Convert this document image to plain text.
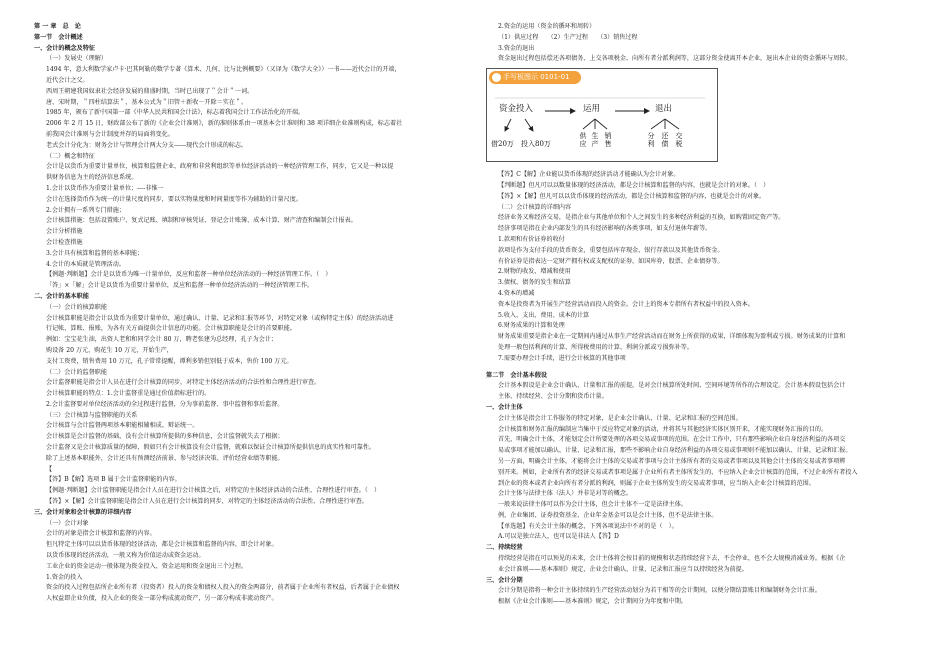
第 一 章　总　论
第一节　会计概述
一、会计的概念及特征
（一）发展史（理解）
1494 年，意大利数学家卢卡·巴其阿勒的数学专著《算术、几何、比与比例概要》（又译为《数学大全》）一书——近代会计的开端，
近代会计之父。
西周王朝建我国奴隶社会经济发展的鼎盛时期，当时已出现了＂会计＂一词。
唐、宋时期，＂四柱结算法＂，基本公式为＂旧管＋新收－开除＝实在＂。
1985 年，颁布了新中国第一部《中华人民共和国会计法》，标志着我国会计工作法治化的开端。
2006 年 2 月 15 日，财政部公布了新的《企业会计准则》，新的准则体系由一项基本会计准则和 38 项详细企业准则构成，标志着社
前我国会计准则与会计制度并存的局面将变化。
老式会计分化为：财务会计与管理会计两大分支——现代会计形成的标志。
（二）概念和特征
会计是以货币为重要计量单位，核算和监督企业、政府和非营利组织等单位经济活动的一种经济管理工作，同步，它又是一种以提
供财务信息为主的经济信息系统。
1.会计以货币作为重要计量单位；----非惟一
会计在选择货币作为统一的计量尺度的同步，要以实物量度和时间量度等作为辅助的计量尺度。
2.会计拥有一系列专门措施；
会计核算措施：包括设置账户、复式记账、填制和审核凭证、登记会计账簿、成本计算、财产清查和编制会计报表。
会计分析措施
会计检查措施
3.会计具有核算和监督的基本职能；
4.会计的本质就是管理活动。
【例题·判断题】会计是以货币为唯一计量单位，反应和监督一种单位经济活动的一种经济管理工作。（　）
「答」×「解」会计是以货币为重要计量单位，反应和监督一种单位经济活动的一种经济管理工作。
二、会计的基本职能
（一）会计的核算职能
会计核算职能是指会计以货币为重要计量单位，通过确认、计量、记录和汇报等环节，对特定对象（或称特定主体）的经济活动进
行记帐、算账、报账，为各有关方面提供会计信息的功能。会计核算职能是会计的首要职能。
例如：宝宝花生油，出资人老和和同学会计 80 万，聘老张建为总经理，孔子为会计；
购设备 20 万元，购花生 10 万元，开始生产，
支付工资费，销售费用 10 万元，孔子常常提醒，谭利多销但别低于成本，售价 100 万元。
（二）会计的监督职能
会计监督职能是指会计人员在进行会计核算的同步，对特定主体经济活动的合法性和合理性进行审查。
会计核算职能的特点：1.会计监督重是通过价值指标进行的。
2.会计监督要对单位经济活动的全过程进行监督，分为事前监督、事中监督和事后监督。
（三）会计核算与监督职能的关系
会计核算与会计监督两项基本职能相辅相成、辩证统一。
会计核算是会计监督的基础，没有会计核算所提供的多种信息，会计监督就失去了根据；
会计监督又是会计核算质量的保障，假如只有会计核算没有会计监督，就难以保证会计核算所提供信息的真实性和可靠性。
除了上述基本职能外，会计还具有预测经济前景、参与经济决策、评价经营业绩等职能。
【
【答】B【解】选项 B 属于会计监督职能的内容。
【例题·判断题】会计监督职能是指会计人员在进行会计核算之后，对特定的主体经济活动的合法性、合理性进行审查。（　）
【答】×【解】会计监督职能是指会计人员在进行会计核算的同步，对特定的主体经济活动的合法性、合理性进行审查。
三、会计对象和会计核算的详细内容
（一）会计对象
会计的对象是指会计核算和监督的内容。
但凡特定主体可以以货币体现的经济活动，都是会计核算和监督的内容，即会计对象。
以货币体现的经济活动，一般又称为价值运动或资金运动。
工业企业的资金运动一般体现为资金投入、资金运用和资金退出三个过程。
1.资金的投入
资金的投入过程包括所企业所有者（投资者）投入的资金和债权人投入的资金两部分，前者属于企业所有者权益，后者属于企业债权
人权益即企业负债，投入企业的资金一部分构成流动资产，另一部分构成非流动资产。
2.资金的运用（资金的循环和周转）
（1）供应过程　　（2）生产过程　　（3）销售过程
3.资金的退出
资金退出过程包括偿还各项债务、上交各项税金、向所有者分派利润等，这部分资金使离开本企业，退出本企业的资金循环与周转。
手写板图示 0101-01
资金投入	运用	退出
借20万 投入80万
供应
生产
销售
分利
还债
交税
【答】C【解】企业能以货币体现的经济活动才能确认为会计对象。
【判断题】但凡可以以数量体现的经济活动，都是会计核算和监督的内容，也就是会计的对象。（　）
【答】×【解】但凡可以以货币体现的经济活动，都是会计核算和监督的内容，也就是会计的对象。
（二）会计核算的详细内容
经济业务又称经济交易，是指企业与其他单位和个人之间发生的多种经济利益的互换，如购置固定资产等。
经济事项是指在企业内部发生的具有经济影响的各类事项，如支付退休年薪等。
1.款项和有价证券的收付
款项是作为支付手段的货币资金，重要包括库存现金、银行存款以及其他货币资金。
有价证券是指表达一定财产拥有权或支配权的证券，如国库券，股票、企业债券等。
2.财物的收发、增减和使用
3.债权、债务的发生和结算
4.资本的增减
资本是投资者为开展生产经营活动而投入的资金。会计上的资本专指所有者权益中的投入资本。
5.收入、支出、费用、成本的计算
6.财务成果的计算和处理
财务成果重要是指企业在一定期间内通过从事生产经营活动而在财务上所获得的成果，详细体现为盈利或亏损。财务成果的计算和
处理一般包括利润的计算、所得税费用的计算、利润分派或亏损弥补等。
7.需要办理会计手续，进行会计核算的其他事项
第二节　会计基本假设
会计基本假设是企业会计确认、计量和汇报的前提，是对会计核算所处时间、空间环境等所作的合理设定。会计基本假设包括会计
主体、持续经营、会计分期和货币计量。
一、会计主体
会计主体是指会计工作服务的特定对象，是企业会计确认、计量、记录和汇报的空间范围。
会计核算和财务汇报的编制应当集中于反应特定对象的活动，并将其与其他经济实体区别开来，才能实现财务汇报的目的。
首先，明确会计主体，才能划定会计所要处理的各项交易或事项的范围。在会计工作中，只有那些影响企业自身经济利益的各项交
易或事项才能加以确认、计量、记录和汇报，那些不影响企业自身经济利益的各项交易或事项则不能加以确认、计量、记录和汇报。
另一方面，明确会计主体，才能将会计主体的交易或者事项与会计主体所有者的交易或者事项以及其他会计主体的交易或者事项辨
别开来。例如，企业所有者的经济交易或者事项是属于企业所有者主体所发生的，不应纳入企业会计核算的范围，不过企业所有者投入
到企业的资本或者企业向所有者分派的利润，则属于企业主体所发生的交易或者事项，应当纳入企业会计核算的范围。
会计主体与法律主体（法人）并非是对等的概念。
一般来说法律主体可以作为会计主体，但会计主体不一定是法律主体。
例，企业集团、证券投资基金、企业年金基金可以是会计主体，但不是法律主体。
【单选题】有关会计主体的概念，下列各项说法中不对的是（　）。
A.可以是独立法人，也可以是非法人【答】D
二、持续经营
持续经营是指在可以预见的未来，会计主体将会按目前的规模和状态持续经营下去，不会停业，也不会大规模消减业务。根据《企
业会计准则——基本准则》规定，企业会计确认、计量、记录和汇报应当以持续经营为前提。
三、会计分期
会计分期是指将一种会计主体持续的生产经营活动划分为若干相等的会计期间，以便分期结算账目和编制财务会计汇报。
根据《企业会计准则——基本准则》规定，会计期间分为年度和中期。
